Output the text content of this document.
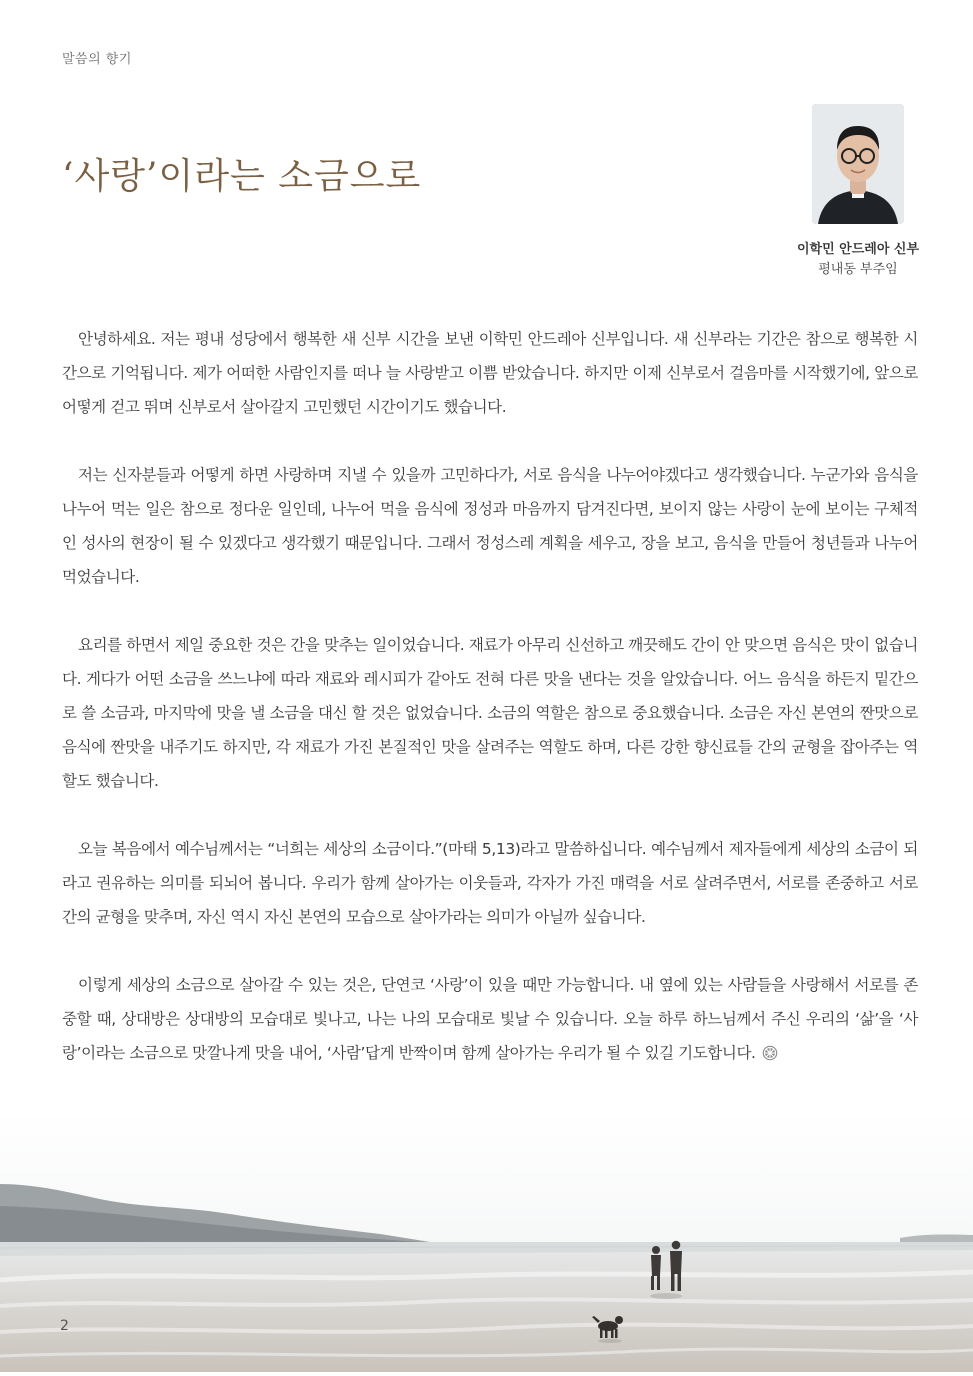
말씀의 향기
‘사랑’이라는 소금으로
이학민 안드레아 신부
평내동 부주임

안녕하세요. 저는 평내 성당에서 행복한 새 신부 시간을 보낸 이학민 안드레아 신부입니다. 새 신부라는 기간은 참으로 행복한 시간으로 기억됩니다. 제가 어떠한 사람인지를 떠나 늘 사랑받고 이쁨 받았습니다. 하지만 이제 신부로서 걸음마를 시작했기에, 앞으로 어떻게 걷고 뛰며 신부로서 살아갈지 고민했던 시간이기도 했습니다.

저는 신자분들과 어떻게 하면 사랑하며 지낼 수 있을까 고민하다가, 서로 음식을 나누어야겠다고 생각했습니다. 누군가와 음식을 나누어 먹는 일은 참으로 정다운 일인데, 나누어 먹을 음식에 정성과 마음까지 담겨진다면, 보이지 않는 사랑이 눈에 보이는 구체적인 성사의 현장이 될 수 있겠다고 생각했기 때문입니다. 그래서 정성스레 계획을 세우고, 장을 보고, 음식을 만들어 청년들과 나누어 먹었습니다.

요리를 하면서 제일 중요한 것은 간을 맞추는 일이었습니다. 재료가 아무리 신선하고 깨끗해도 간이 안 맞으면 음식은 맛이 없습니다. 게다가 어떤 소금을 쓰느냐에 따라 재료와 레시피가 같아도 전혀 다른 맛을 낸다는 것을 알았습니다. 어느 음식을 하든지 밑간으로 쓸 소금과, 마지막에 맛을 낼 소금을 대신 할 것은 없었습니다. 소금의 역할은 참으로 중요했습니다. 소금은 자신 본연의 짠맛으로 음식에 짠맛을 내주기도 하지만, 각 재료가 가진 본질적인 맛을 살려주는 역할도 하며, 다른 강한 향신료들 간의 균형을 잡아주는 역할도 했습니다.

오늘 복음에서 예수님께서는 “너희는 세상의 소금이다.”(마태 5,13)라고 말씀하십니다. 예수님께서 제자들에게 세상의 소금이 되라고 권유하는 의미를 되뇌어 봅니다. 우리가 함께 살아가는 이웃들과, 각자가 가진 매력을 서로 살려주면서, 서로를 존중하고 서로간의 균형을 맞추며, 자신 역시 자신 본연의 모습으로 살아가라는 의미가 아닐까 싶습니다.

이렇게 세상의 소금으로 살아갈 수 있는 것은, 단연코 ‘사랑’이 있을 때만 가능합니다. 내 옆에 있는 사람들을 사랑해서 서로를 존중할 때, 상대방은 상대방의 모습대로 빛나고, 나는 나의 모습대로 빛날 수 있습니다. 오늘 하루 하느님께서 주신 우리의 ‘삶’을 ‘사랑’이라는 소금으로 맛깔나게 맛을 내어, ‘사람’답게 반짝이며 함께 살아가는 우리가 될 수 있길 기도합니다.

2
